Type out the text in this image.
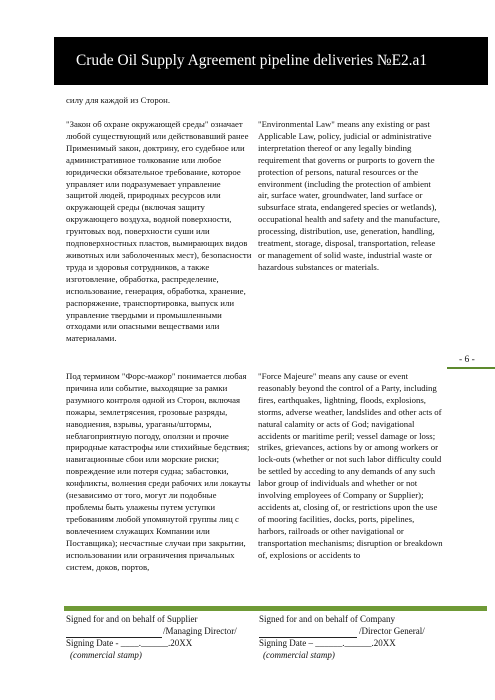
Crude Oil Supply Agreement pipeline deliveries №E2.a1

силу для каждой из Сторон.

"Закон об охране окружающей среды" означает любой существующий или действовавший ранее Применимый закон, доктрину, его судебное или административное толкование или любое юридически обязательное требование, которое управляет или подразумевает управление защитой людей, природных ресурсов или окружающей среды (включая защиту окружающего воздуха, водной поверхности, грунтовых вод, поверхности суши или подповерхностных пластов, вымирающих видов животных или заболоченных мест), безопасности труда и здоровья сотрудников, а также изготовление, обработка, распределение, использование, генерация, обработка, хранение, распоряжение, транспортировка, выпуск или управление твердыми и промышленными отходами или опасными веществами или материалами.

"Environmental Law" means any existing or past Applicable Law, policy, judicial or administrative interpretation thereof or any legally binding requirement that governs or purports to govern the protection of persons, natural resources or the environment (including the protection of ambient air, surface water, groundwater, land surface or subsurface strata, endangered species or wetlands), occupational health and safety and the manufacture, processing, distribution, use, generation, handling, treatment, storage, disposal, transportation, release or management of solid waste, industrial waste or hazardous substances or materials.

- 6 -

Под термином "Форс-мажор" понимается любая причина или событие, выходящие за рамки разумного контроля одной из Сторон, включая пожары, землетрясения, грозовые разряды, наводнения, взрывы, ураганы/штормы, неблагоприятную погоду, оползни и прочие природные катастрофы или стихийные бедствия; навигационные сбои или морские риски; повреждение или потеря судна; забастовки, конфликты, волнения среди рабочих или локауты (независимо от того, могут ли подобные проблемы быть улажены путем уступки требованиям любой упомянутой группы лиц с вовлечением служащих Компании или Поставщика); несчастные случаи при закрытии, использовании или ограничения причальных систем, доков, портов,

"Force Majeure" means any cause or event reasonably beyond the control of a Party, including fires, earthquakes, lightning, floods, explosions, storms, adverse weather, landslides and other acts of natural calamity or acts of God; navigational accidents or maritime peril; vessel damage or loss; strikes, grievances, actions by or among workers or lock-outs (whether or not such labor difficulty could be settled by acceding to any demands of any such labor group of individuals and whether or not involving employees of Company or Supplier); accidents at, closing of, or restrictions upon the use of mooring facilities, docks, ports, pipelines, harbors, railroads or other navigational or transportation mechanisms; disruption or breakdown of, explosions or accidents to

Signed for and on behalf of Supplier
/Managing Director/
Signing Date - ____.______.20XX
(commercial stamp)
Signed for and on behalf of Company
/Director General/
Signing Date – ______.______.20XX
(commercial stamp)
